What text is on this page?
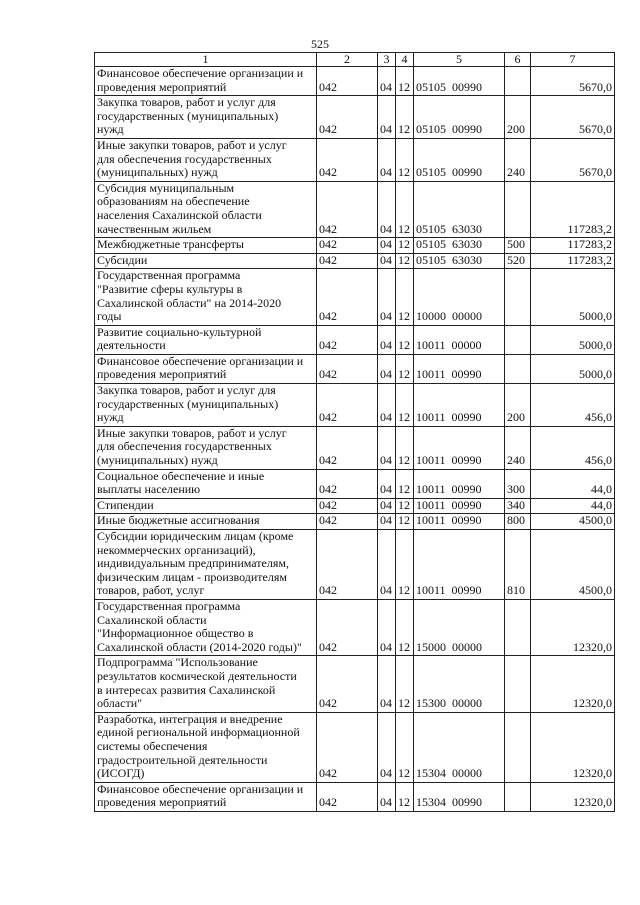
525
1	2	3	4	5	6	7
Финансовое обеспечение организации и
проведения мероприятий	042	04	12	05105  00990		5670,0
Закупка товаров, работ и услуг для
государственных (муниципальных)
нужд	042	04	12	05105  00990	200	5670,0
Иные закупки товаров, работ и услуг
для обеспечения государственных
(муниципальных) нужд	042	04	12	05105  00990	240	5670,0
Субсидия муниципальным
образованиям на обеспечение
населения Сахалинской области
качественным жильем	042	04	12	05105  63030		117283,2
Межбюджетные трансферты	042	04	12	05105  63030	500	117283,2
Субсидии	042	04	12	05105  63030	520	117283,2
Государственная программа
"Развитие сферы культуры в
Сахалинской области" на 2014-2020
годы	042	04	12	10000  00000		5000,0
Развитие социально-культурной
деятельности	042	04	12	10011  00000		5000,0
Финансовое обеспечение организации и
проведения мероприятий	042	04	12	10011  00990		5000,0
Закупка товаров, работ и услуг для
государственных (муниципальных)
нужд	042	04	12	10011  00990	200	456,0
Иные закупки товаров, работ и услуг
для обеспечения государственных
(муниципальных) нужд	042	04	12	10011  00990	240	456,0
Социальное обеспечение и иные
выплаты населению	042	04	12	10011  00990	300	44,0
Стипендии	042	04	12	10011  00990	340	44,0
Иные бюджетные ассигнования	042	04	12	10011  00990	800	4500,0
Субсидии юридическим лицам (кроме
некоммерческих организаций),
индивидуальным предпринимателям,
физическим лицам - производителям
товаров, работ, услуг	042	04	12	10011  00990	810	4500,0
Государственная программа
Сахалинской области
"Информационное общество в
Сахалинской области (2014-2020 годы)"	042	04	12	15000  00000		12320,0
Подпрограмма "Использование
результатов космической деятельности
в интересах развития Сахалинской
области"	042	04	12	15300  00000		12320,0
Разработка, интеграция и внедрение
единой региональной информационной
системы обеспечения
градостроительной деятельности
(ИСОГД)	042	04	12	15304  00000		12320,0
Финансовое обеспечение организации и
проведения мероприятий	042	04	12	15304  00990		12320,0
